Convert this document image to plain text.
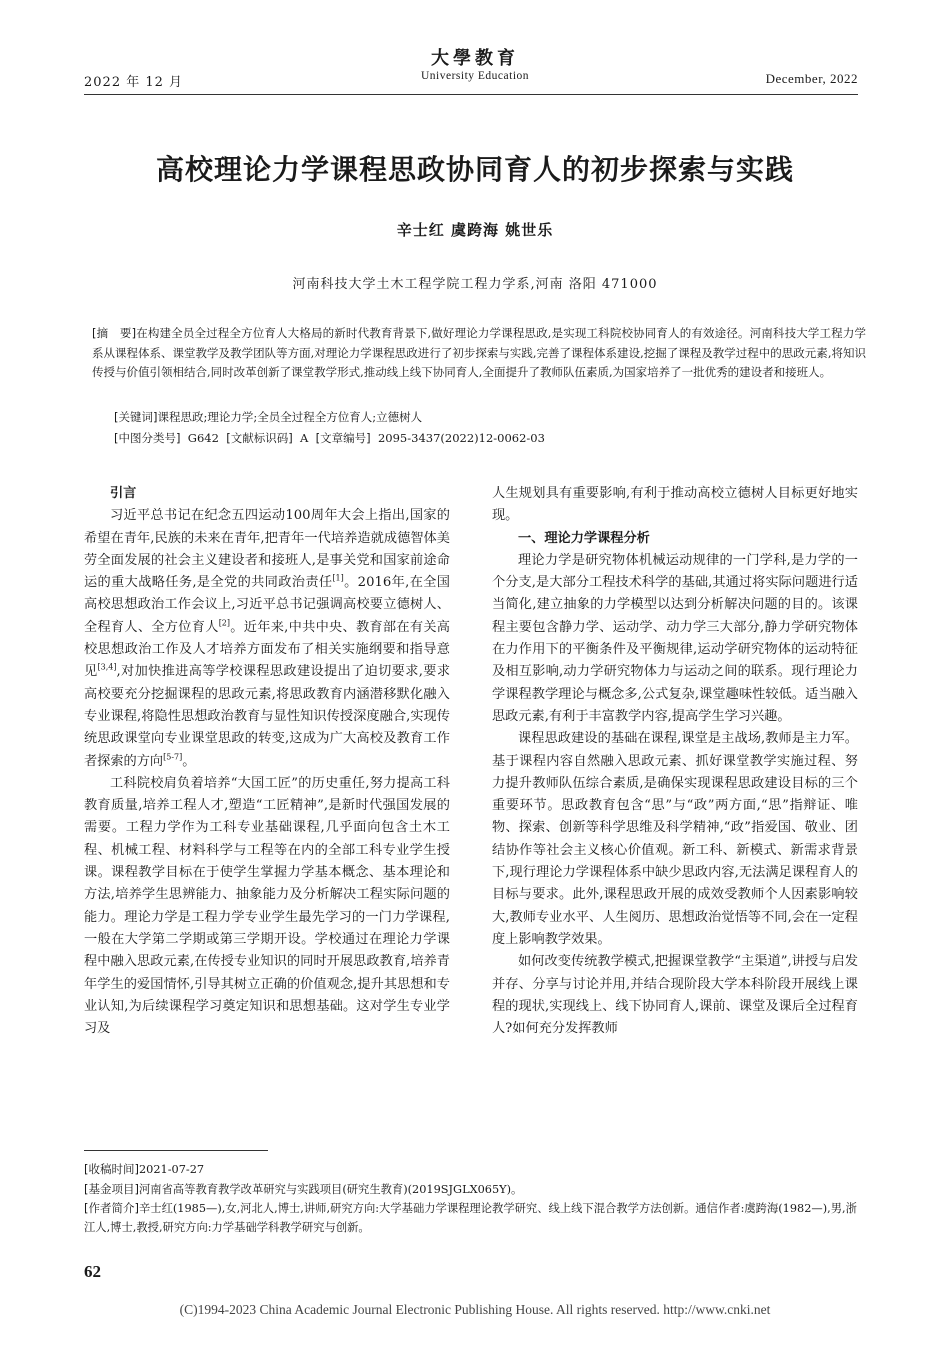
2022 年 12 月
大學教育
University Education	December, 2022
高校理论力学课程思政协同育人的初步探索与实践
辛士红 虞跨海 姚世乐
河南科技大学土木工程学院工程力学系,河南 洛阳 471000
[摘　要]在构建全员全过程全方位育人大格局的新时代教育背景下,做好理论力学课程思政,是实现工科院校协同育人的有效途径。河南科技大学工程力学系从课程体系、课堂教学及教学团队等方面,对理论力学课程思政进行了初步探索与实践,完善了课程体系建设,挖掘了课程及教学过程中的思政元素,将知识传授与价值引领相结合,同时改革创新了课堂教学形式,推动线上线下协同育人,全面提升了教师队伍素质,为国家培养了一批优秀的建设者和接班人。
[关键词]课程思政;理论力学;全员全过程全方位育人;立德树人
[中图分类号] G642 [文献标识码] A [文章编号] 2095-3437(2022)12-0062-03
引言

习近平总书记在纪念五四运动100周年大会上指出,国家的希望在青年,民族的未来在青年,把青年一代培养造就成德智体美劳全面发展的社会主义建设者和接班人,是事关党和国家前途命运的重大战略任务,是全党的共同政治责任[1]。2016年,在全国高校思想政治工作会议上,习近平总书记强调高校要立德树人、全程育人、全方位育人[2]。近年来,中共中央、教育部在有关高校思想政治工作及人才培养方面发布了相关实施纲要和指导意见[3,4],对加快推进高等学校课程思政建设提出了迫切要求,要求高校要充分挖掘课程的思政元素,将思政教育内涵潜移默化融入专业课程,将隐性思想政治教育与显性知识传授深度融合,实现传统思政课堂向专业课堂思政的转变,这成为广大高校及教育工作者探索的方向[5-7]。

工科院校肩负着培养“大国工匠”的历史重任,努力提高工科教育质量,培养工程人才,塑造“工匠精神”,是新时代强国发展的需要。工程力学作为工科专业基础课程,几乎面向包含土木工程、机械工程、材料科学与工程等在内的全部工科专业学生授课。课程教学目标在于使学生掌握力学基本概念、基本理论和方法,培养学生思辨能力、抽象能力及分析解决工程实际问题的能力。理论力学是工程力学专业学生最先学习的一门力学课程,一般在大学第二学期或第三学期开设。学校通过在理论力学课程中融入思政元素,在传授专业知识的同时开展思政教育,培养青年学生的爱国情怀,引导其树立正确的价值观念,提升其思想和专业认知,为后续课程学习奠定知识和思想基础。这对学生专业学习及

人生规划具有重要影响,有利于推动高校立德树人目标更好地实现。

一、理论力学课程分析

理论力学是研究物体机械运动规律的一门学科,是力学的一个分支,是大部分工程技术科学的基础,其通过将实际问题进行适当简化,建立抽象的力学模型以达到分析解决问题的目的。该课程主要包含静力学、运动学、动力学三大部分,静力学研究物体在力作用下的平衡条件及平衡规律,运动学研究物体的运动特征及相互影响,动力学研究物体力与运动之间的联系。现行理论力学课程教学理论与概念多,公式复杂,课堂趣味性较低。适当融入思政元素,有利于丰富教学内容,提高学生学习兴趣。

课程思政建设的基础在课程,课堂是主战场,教师是主力军。基于课程内容自然融入思政元素、抓好课堂教学实施过程、努力提升教师队伍综合素质,是确保实现课程思政建设目标的三个重要环节。思政教育包含“思”与“政”两方面,“思”指辩证、唯物、探索、创新等科学思维及科学精神,“政”指爱国、敬业、团结协作等社会主义核心价值观。新工科、新模式、新需求背景下,现行理论力学课程体系中缺少思政内容,无法满足课程育人的目标与要求。此外,课程思政开展的成效受教师个人因素影响较大,教师专业水平、人生阅历、思想政治觉悟等不同,会在一定程度上影响教学效果。

如何改变传统教学模式,把握课堂教学“主渠道”,讲授与启发并存、分享与讨论并用,并结合现阶段大学本科阶段开展线上课程的现状,实现线上、线下协同育人,课前、课堂及课后全过程育人?如何充分发挥教师

[收稿时间]2021-07-27
[基金项目]河南省高等教育教学改革研究与实践项目(研究生教育)(2019SJGLX065Y)。
[作者简介]辛士红(1985—),女,河北人,博士,讲师,研究方向:大学基础力学课程理论教学研究、线上线下混合教学方法创新。通信作者:虞跨海(1982—),男,浙江人,博士,教授,研究方向:力学基础学科教学研究与创新。
62
(C)1994-2023 China Academic Journal Electronic Publishing House. All rights reserved. http://www.cnki.net
